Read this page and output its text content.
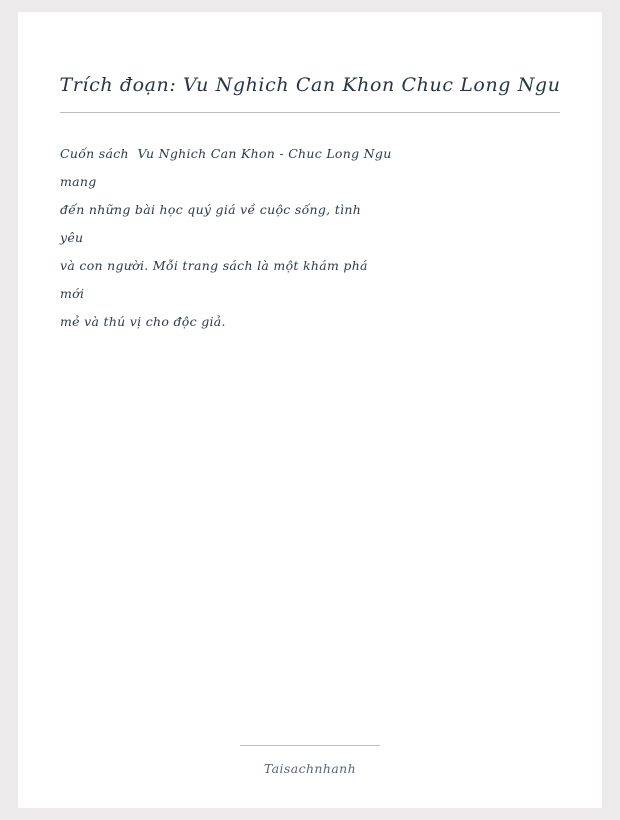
Trích đoạn: Vu Nghich Can Khon Chuc Long Ngu
Cuốn sách  Vu Nghich Can Khon - Chuc Long Ngu
mang
đến những bài học quý giá về cuộc sống, tình
yêu
và con người. Mỗi trang sách là một khám phá
mới
mẻ và thú vị cho độc giả.
Taisachnhanh
